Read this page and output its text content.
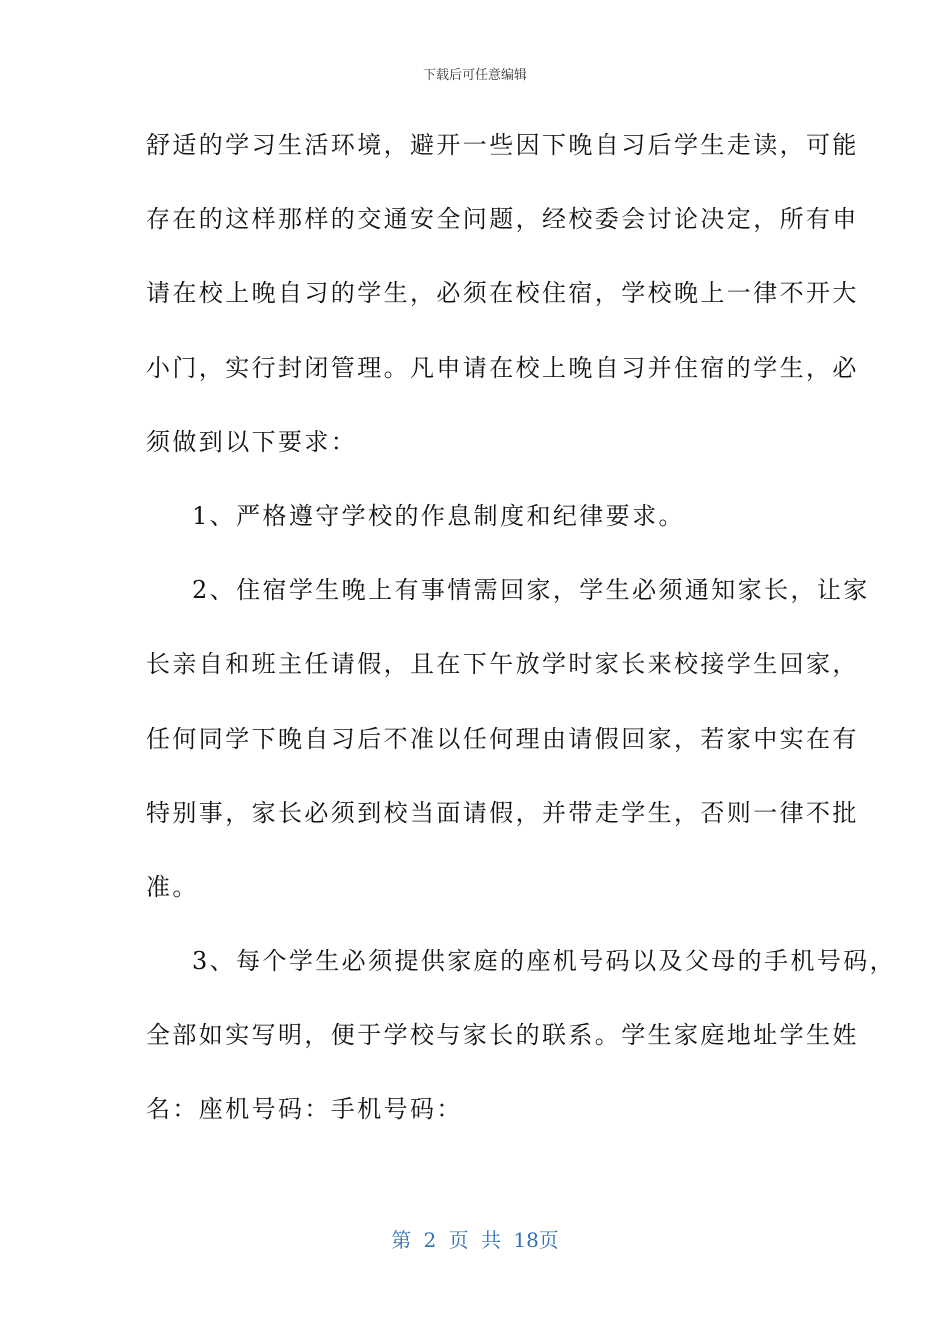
下载后可任意编辑
舒适的学习生活环境，避开一些因下晚自习后学生走读，可能
存在的这样那样的交通安全问题，经校委会讨论决定，所有申
请在校上晚自习的学生，必须在校住宿，学校晚上一律不开大
小门，实行封闭管理。凡申请在校上晚自习并住宿的学生，必
须做到以下要求：
1、严格遵守学校的作息制度和纪律要求。
2、住宿学生晚上有事情需回家，学生必须通知家长，让家
长亲自和班主任请假，且在下午放学时家长来校接学生回家，
任何同学下晚自习后不准以任何理由请假回家，若家中实在有
特别事，家长必须到校当面请假，并带走学生，否则一律不批
准。
3、每个学生必须提供家庭的座机号码以及父母的手机号码，
全部如实写明，便于学校与家长的联系。学生家庭地址学生姓
名：座机号码：手机号码：
第 2 页 共 18页
